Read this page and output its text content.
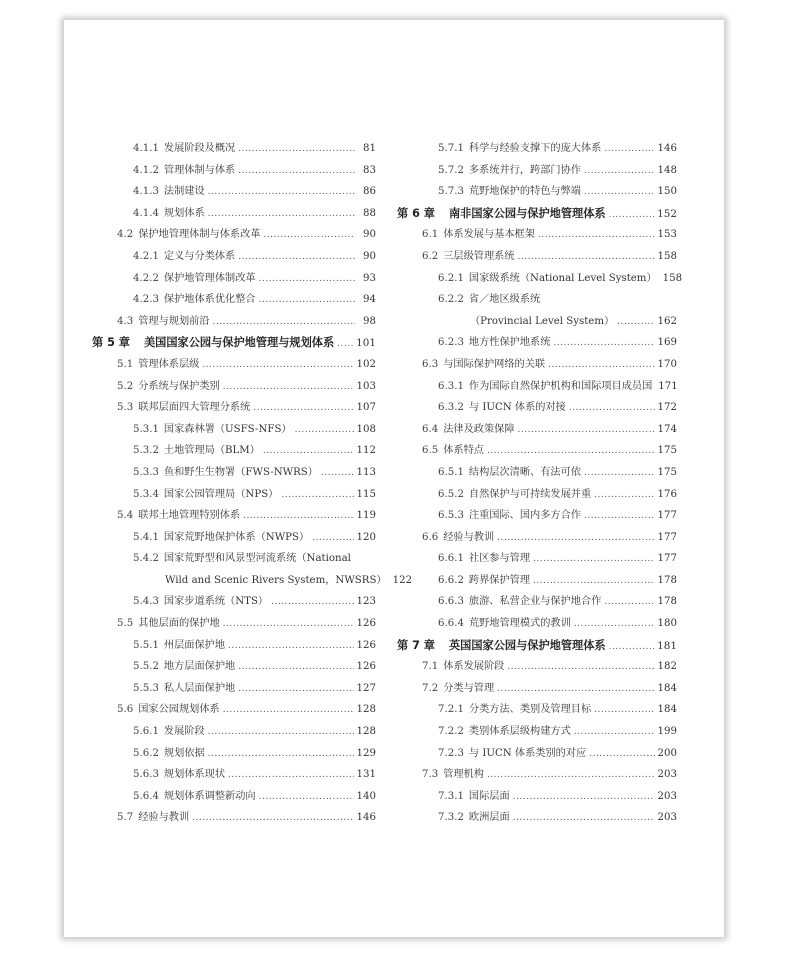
4.1.1 发展阶段及概况 .....	81
4.1.2 管理体制与体系 .....	83
4.1.3 法制建设 .....	86
4.1.4 规划体系 .....	88
4.2 保护地管理体制与体系改革 .....	90
4.2.1 定义与分类体系 .....	90
4.2.2 保护地管理体制改革 .....	93
4.2.3 保护地体系优化整合 .....	94
4.3 管理与规划前沿 .....	98
第 5 章 美国国家公园与保护地管理与规划体系 ..... 101
5.1 管理体系层级 .....	102
5.2 分系统与保护类别 .....	103
5.3 联邦层面四大管理分系统 .....	107
5.3.1 国家森林署（USFS-NFS） .....	108
5.3.2 土地管理局（BLM） .....	112
5.3.3 鱼和野生生物署（FWS-NWRS） .....	113
5.3.4 国家公园管理局（NPS） .....	115
5.4 联邦土地管理特别体系 .....	119
5.4.1 国家荒野地保护体系（NWPS） .....	120
5.4.2 国家荒野型和风景型河流系统（National
Wild and Scenic Rivers System，NWSRS） 122
5.4.3 国家步道系统（NTS） .....	123
5.5 其他层面的保护地 .....	126
5.5.1 州层面保护地 .....	126
5.5.2 地方层面保护地 .....	126
5.5.3 私人层面保护地 .....	127
5.6 国家公园规划体系 .....	128
5.6.1 发展阶段 .....	128
5.6.2 规划依据 .....	129
5.6.3 规划体系现状 .....	131
5.6.4 规划体系调整新动向 .....	140
5.7 经验与教训 .....	146
5.7.1 科学与经验支撑下的庞大体系 .....	146
5.7.2 多系统并行，跨部门协作 .....	148
5.7.3 荒野地保护的特色与弊端 .....	150
第 6 章 南非国家公园与保护地管理体系 .....	152
6.1 体系发展与基本框架 .....	153
6.2 三层级管理系统 .....	158
6.2.1 国家级系统（National Level System） 158
6.2.2 省／地区级系统
（Provincial Level System） .....	162
6.2.3 地方性保护地系统 .....	169
6.3 与国际保护网络的关联 .....	170
6.3.1 作为国际自然保护机构和国际项目成员国 171
6.3.2 与 IUCN 体系的对接 .....	172
6.4 法律及政策保障 .....	174
6.5 体系特点 .....	175
6.5.1 结构层次清晰、有法可依 .....	175
6.5.2 自然保护与可持续发展并重 .....	176
6.5.3 注重国际、国内多方合作 .....	177
6.6 经验与教训 .....	177
6.6.1 社区参与管理 .....	177
6.6.2 跨界保护管理 .....	178
6.6.3 旅游、私营企业与保护地合作 .....	178
6.6.4 荒野地管理模式的教训 .....	180
第 7 章 英国国家公园与保护地管理体系 .....	181
7.1 体系发展阶段 .....	182
7.2 分类与管理 .....	184
7.2.1 分类方法、类别及管理目标 .....	184
7.2.2 类别体系层级构建方式 .....	199
7.2.3 与 IUCN 体系类别的对应 .....	200
7.3 管理机构 .....	203
7.3.1 国际层面 .....	203
7.3.2 欧洲层面 .....	203
